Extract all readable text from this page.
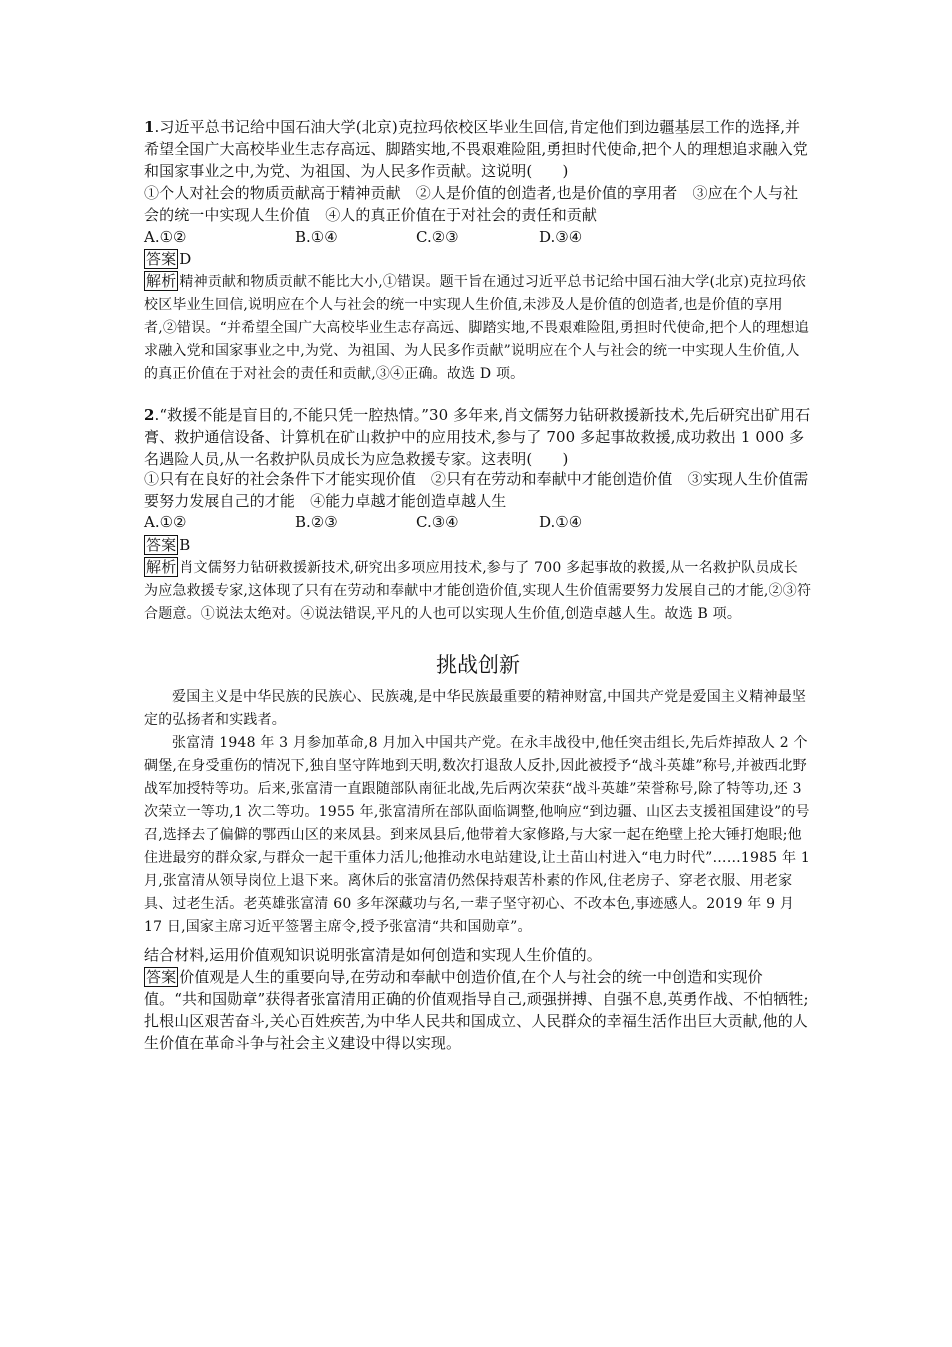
1.习近平总书记给中国石油大学(北京)克拉玛依校区毕业生回信,肯定他们到边疆基层工作的选择,并希望全国广大高校毕业生志存高远、脚踏实地,不畏艰难险阻,勇担时代使命,把个人的理想追求融入党和国家事业之中,为党、为祖国、为人民多作贡献。这说明(　　)
①个人对社会的物质贡献高于精神贡献　②人是价值的创造者,也是价值的享用者　③应在个人与社会的统一中实现人生价值　④人的真正价值在于对社会的责任和贡献
A.①②	B.①④	C.②③	D.③④
答案 D
解析 精神贡献和物质贡献不能比大小,①错误。题干旨在通过习近平总书记给中国石油大学(北京)克拉玛依校区毕业生回信,说明应在个人与社会的统一中实现人生价值,未涉及人是价值的创造者,也是价值的享用者,②错误。“并希望全国广大高校毕业生志存高远、脚踏实地,不畏艰难险阻,勇担时代使命,把个人的理想追求融入党和国家事业之中,为党、为祖国、为人民多作贡献”说明应在个人与社会的统一中实现人生价值,人的真正价值在于对社会的责任和贡献,③④正确。故选 D 项。
2.“救援不能是盲目的,不能只凭一腔热情。”30 多年来,肖文儒努力钻研救援新技术,先后研究出矿用石膏、救护通信设备、计算机在矿山救护中的应用技术,参与了 700 多起事故救援,成功救出 1 000 多名遇险人员,从一名救护队员成长为应急救援专家。这表明(　　)
①只有在良好的社会条件下才能实现价值　②只有在劳动和奉献中才能创造价值　③实现人生价值需要努力发展自己的才能　④能力卓越才能创造卓越人生
A.①②	B.②③	C.③④	D.①④
答案 B
解析 肖文儒努力钻研救援新技术,研究出多项应用技术,参与了 700 多起事故的救援,从一名救护队员成长为应急救援专家,这体现了只有在劳动和奉献中才能创造价值,实现人生价值需要努力发展自己的才能,②③符合题意。①说法太绝对。④说法错误,平凡的人也可以实现人生价值,创造卓越人生。故选 B 项。
挑战创新
爱国主义是中华民族的民族心、民族魂,是中华民族最重要的精神财富,中国共产党是爱国主义精神最坚定的弘扬者和实践者。
张富清 1948 年 3 月参加革命,8 月加入中国共产党。在永丰战役中,他任突击组长,先后炸掉敌人 2 个碉堡,在身受重伤的情况下,独自坚守阵地到天明,数次打退敌人反扑,因此被授予“战斗英雄”称号,并被西北野战军加授特等功。后来,张富清一直跟随部队南征北战,先后两次荣获“战斗英雄”荣誉称号,除了特等功,还 3 次荣立一等功,1 次二等功。1955 年,张富清所在部队面临调整,他响应“到边疆、山区去支援祖国建设”的号召,选择去了偏僻的鄂西山区的来凤县。到来凤县后,他带着大家修路,与大家一起在绝壁上抡大锤打炮眼;他住进最穷的群众家,与群众一起干重体力活儿;他推动水电站建设,让土苗山村进入“电力时代”……1985 年 1 月,张富清从领导岗位上退下来。离休后的张富清仍然保持艰苦朴素的作风,住老房子、穿老衣服、用老家具、过老生活。老英雄张富清 60 多年深藏功与名,一辈子坚守初心、不改本色,事迹感人。2019 年 9 月 17 日,国家主席习近平签署主席令,授予张富清“共和国勋章”。
结合材料,运用价值观知识说明张富清是如何创造和实现人生价值的。
答案 价值观是人生的重要向导,在劳动和奉献中创造价值,在个人与社会的统一中创造和实现价值。“共和国勋章”获得者张富清用正确的价值观指导自己,顽强拼搏、自强不息,英勇作战、不怕牺牲;扎根山区艰苦奋斗,关心百姓疾苦,为中华人民共和国成立、人民群众的幸福生活作出巨大贡献,他的人生价值在革命斗争与社会主义建设中得以实现。
